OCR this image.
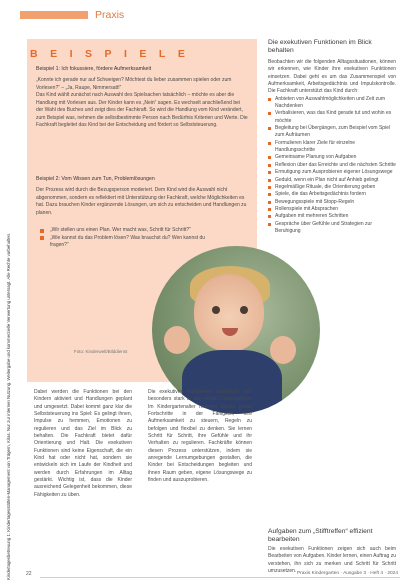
Praxis
Kindertagesbetreuung 1: Kindertagesstätten-Management von Trägern, Kitas. Nur zur internen Nutzung. Weitergabe und kommerzielle Verwertung untersagt. Alle Rechte vorbehalten.
BEISPIELE
Beispiel 1: Ich fokussiere, fördere Aufmerksamkeit

„Konnte ich gerade nur auf Schweigen? Möchtest du lieber zusammen spielen oder zum Vorlesen?“ – „Ja, Raupe, Nimmersatt!“

Das Kind wählt zunächst nach Auswahl des Spielsachen tatsächlich – möchte es aber die Handlung mit Vorlesen aus. Der Kinder kann es „Nein“ sagen. Es wechselt anschließend bei der Wahl des Buches und zeigt dies der Fachkraft. So wird die Handlung vom Kind verändert, zum Beispiel was, nehmen die selbstbestimmte Person nach Bedürfnis Kriterien und Werte. Die Fachkraft begleitet das Kind bei der Entscheidung und fördert so Selbststeuerung.

Beispiel 2: Vom Wissen zum Tun, Problemlösungen

Der Prozess wird durch die Bezugsperson moderiert. Dem Kind wird die Auswahl nicht abgenommen, sondern es reflektiert mit Unterstützung der Fachkraft, welche Möglichkeiten es hat. Dazu brauchen Kinder ergänzende Lösungen, um sich zu entscheiden und Handlungen zu planen.

„Wir stellen uns einen Plan. Wer macht was, Schritt für Schritt?“
„Wie kannst du das Problem lösen? Was brauchst du? Wen kannst du fragen?“
Foto: Kinderwelt/Bilddienst

Dabei werden die Funktionen bei den Kindern aktiviert und Handlungen geplant und umgesetzt. Dabei kommt ganz klar die Selbststeuerung ins Spiel: Es gelingt ihnen, Impulse zu hemmen, Emotionen zu regulieren und das Ziel im Blick zu behalten. Die Fachkraft bietet dafür Orientierung und Halt. Die exekutiven Funktionen sind keine Eigenschaft, die ein Kind hat oder nicht hat, sondern sie entwickeln sich im Laufe der Kindheit und werden durch Erfahrungen im Alltag gestärkt. Wichtig ist, dass die Kinder ausreichend Gelegenheit bekommen, diese Fähigkeiten zu üben.

Die exekutiven Funktionen entwickeln sich besonders stark in den ersten Lebensjahren. Im Kindergartenalter machen Kinder große Fortschritte in der Fähigkeit, ihre Aufmerksamkeit zu steuern, Regeln zu befolgen und flexibel zu denken. Sie lernen Schritt für Schritt, ihre Gefühle und ihr Verhalten zu regulieren. Fachkräfte können diesen Prozess unterstützen, indem sie anregende Lernumgebungen gestalten, die Kinder bei Entscheidungen begleiten und ihnen Raum geben, eigene Lösungswege zu finden und auszuprobieren.

Die exekutiven Funktionen im Blick behalten
Beobachten wir die folgenden Alltagssituationen, können wir erkennen, wie Kinder ihre exekutiven Funktionen einsetzen. Dabei geht es um das Zusammenspiel von Aufmerksamkeit, Arbeitsgedächtnis und Impulskontrolle. Die Fachkraft unterstützt das Kind durch:
Anbieten von Auswahlmöglichkeiten und Zeit zum Nachdenken
Verbalisieren, was das Kind gerade tut und wohin es möchte
Begleitung bei Übergängen, zum Beispiel vom Spiel zum Aufräumen
Formulieren klarer Ziele für einzelne Handlungsschritte
Gemeinsame Planung von Aufgaben
Reflexion über das Erreichte und die nächsten Schritte
Ermutigung zum Ausprobieren eigener Lösungswege
Geduld, wenn ein Plan nicht auf Anhieb gelingt
Regelmäßige Rituale, die Orientierung geben
Spiele, die das Arbeitsgedächtnis fordern
Bewegungsspiele mit Stopp-Regeln
Rollenspiele mit Absprachen
Aufgaben mit mehreren Schritten
Gespräche über Gefühle und Strategien zur Beruhigung
Aufgaben zum „Stifftreffen“ effizient bearbeiten
Die exekutiven Funktionen zeigen sich auch beim Bearbeiten von Aufgaben. Kinder lernen, einen Auftrag zu verstehen, ihn sich zu merken und Schritt für Schritt umzusetzen.
22	Praxis Kindergarten · Ausgabe 3 · Heft 4 · 2024
